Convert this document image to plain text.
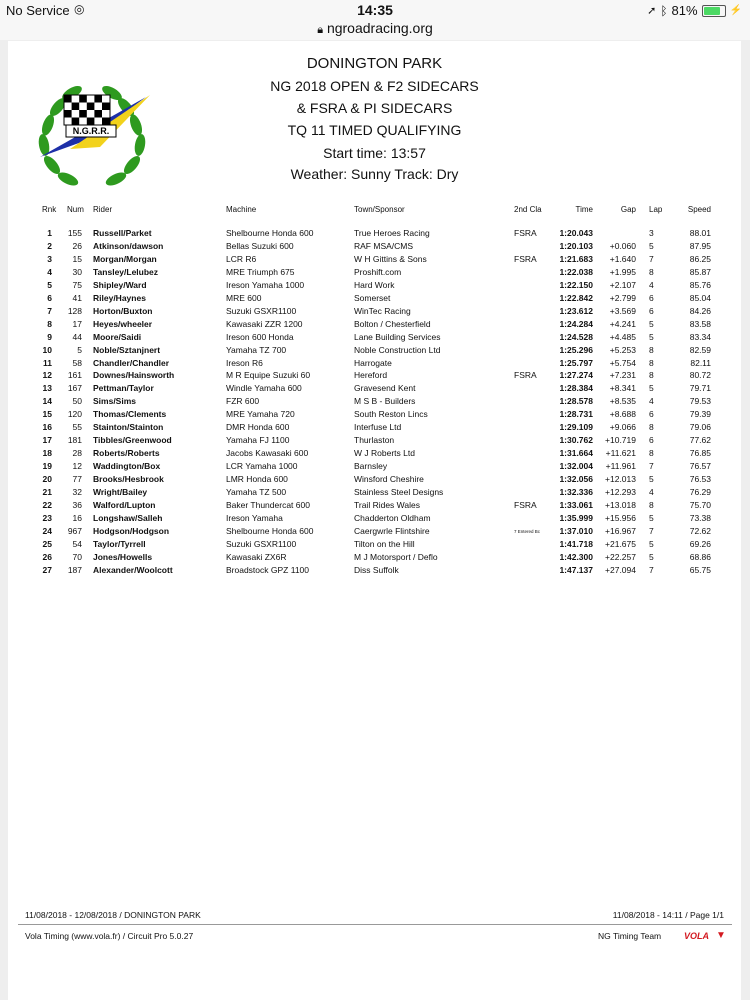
No Service ◎	14:35	➚ ᛒ 81%	⚡
🔒︎ ngroadracing.org
N.G.R.R.
DONINGTON PARK
NG 2018 OPEN & F2 SIDECARS
& FSRA & PI SIDECARS
TQ 11 TIMED QUALIFYING
Start time: 13:57
Weather: Sunny Track: Dry
Rnk Num Rider	Machine	Town/Sponsor	2nd Cla	Time	Gap Lap	Speed
1	155 Russell/Parket	Shelbourne Honda 600	True Heroes Racing	FSRA	1:20.043	3	88.01
2	26 Atkinson/dawson	Bellas Suzuki 600	RAF MSA/CMS	1:20.103	+0.060 5	87.95
3	15 Morgan/Morgan	LCR R6	W H Gittins & Sons	FSRA	1:21.683	+1.640 7	86.25
4	30 Tansley/Lelubez	MRE Triumph 675	Proshift.com	1:22.038	+1.995 8	85.87
5	75 Shipley/Ward	Ireson Yamaha 1000	Hard Work	1:22.150	+2.107 4	85.76
6	41 Riley/Haynes	MRE 600	Somerset	1:22.842	+2.799 6	85.04
7	128 Horton/Buxton	Suzuki GSXR1100	WinTec Racing	1:23.612	+3.569 6	84.26
8	17 Heyes/wheeler	Kawasaki ZZR 1200	Bolton / Chesterfield	1:24.284	+4.241 5	83.58
9	44 Moore/Saidi	Ireson 600 Honda	Lane Building Services	1:24.528	+4.485 5	83.34
10	5 Noble/Sztanjnert	Yamaha TZ 700	Noble Construction Ltd	1:25.296	+5.253 8	82.59
11	58 Chandler/Chandler	Ireson R6	Harrogate	1:25.797	+5.754 8	82.11
12	161 Downes/Hainsworth	M R Equipe Suzuki 60	Hereford	FSRA	1:27.274	+7.231 8	80.72
13	167 Pettman/Taylor	Windle Yamaha 600	Gravesend Kent	1:28.384	+8.341 5	79.71
14	50 Sims/Sims	FZR 600	M S B - Builders	1:28.578	+8.535 4	79.53
15	120 Thomas/Clements	MRE Yamaha 720	South Reston Lincs	1:28.731	+8.688 6	79.39
16	55 Stainton/Stainton	DMR Honda 600	Interfuse Ltd	1:29.109	+9.066 8	79.06
17	181 Tibbles/Greenwood	Yamaha FJ 1100	Thurlaston	1:30.762	+10.719 6	77.62
18	28 Roberts/Roberts	Jacobs Kawasaki 600	W J Roberts Ltd	1:31.664	+11.621 8	76.85
19	12 Waddington/Box	LCR Yamaha 1000	Barnsley	1:32.004	+11.961 7	76.57
20	77 Brooks/Hesbrook	LMR Honda 600	Winsford Cheshire	1:32.056	+12.013 5	76.53
21	32 Wright/Bailey	Yamaha TZ 500	Stainless Steel Designs	1:32.336	+12.293 4	76.29
22	36 Walford/Lupton	Baker Thundercat 600	Trail Rides Wales	FSRA	1:33.061	+13.018 8	75.70
23	16 Longshaw/Salleh	Ireson Yamaha	Chadderton Oldham	1:35.999	+15.956 5	73.38
24	967 Hodgson/Hodgson	Shelbourne Honda 600	Caergwrle Flintshire	7 Entered Bc	1:37.010	+16.967 7	72.62
25	54 Taylor/Tyrrell	Suzuki GSXR1100	Tilton on the Hill	1:41.718	+21.675 5	69.26
26	70 Jones/Howells	Kawasaki ZX6R	M J Motorsport / Deflo	1:42.300	+22.257 5	68.86
27	187 Alexander/Woolcott	Broadstock GPZ 1100	Diss Suffolk	1:47.137	+27.094 7	65.75
11/08/2018 - 12/08/2018 / DONINGTON PARK	11/08/2018 - 14:11 / Page 1/1
Vola Timing (www.vola.fr) / Circuit Pro 5.0.27	NG Timing Team	VOLA ▼
